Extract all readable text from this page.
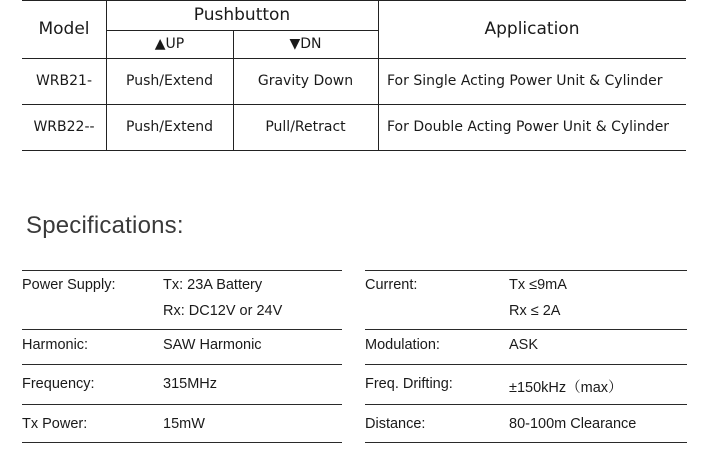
Model
Pushbutton
▲UP	▼DN
Application
WRB21-	Push/Extend	Gravity Down	For Single Acting Power Unit & Cylinder
WRB22--	Push/Extend	Pull/Retract	For Double Acting Power Unit & Cylinder
Specifications:
Power Supply:	Tx: 23A Battery
Rx: DC12V or 24V
Harmonic:	SAW Harmonic
Frequency:	315MHz
Tx Power:	15mW
Current:	Tx ≤9mA
Rx ≤ 2A
Modulation:	ASK
Freq. Drifting:	±150kHz（max）
Distance:	80-100m Clearance
